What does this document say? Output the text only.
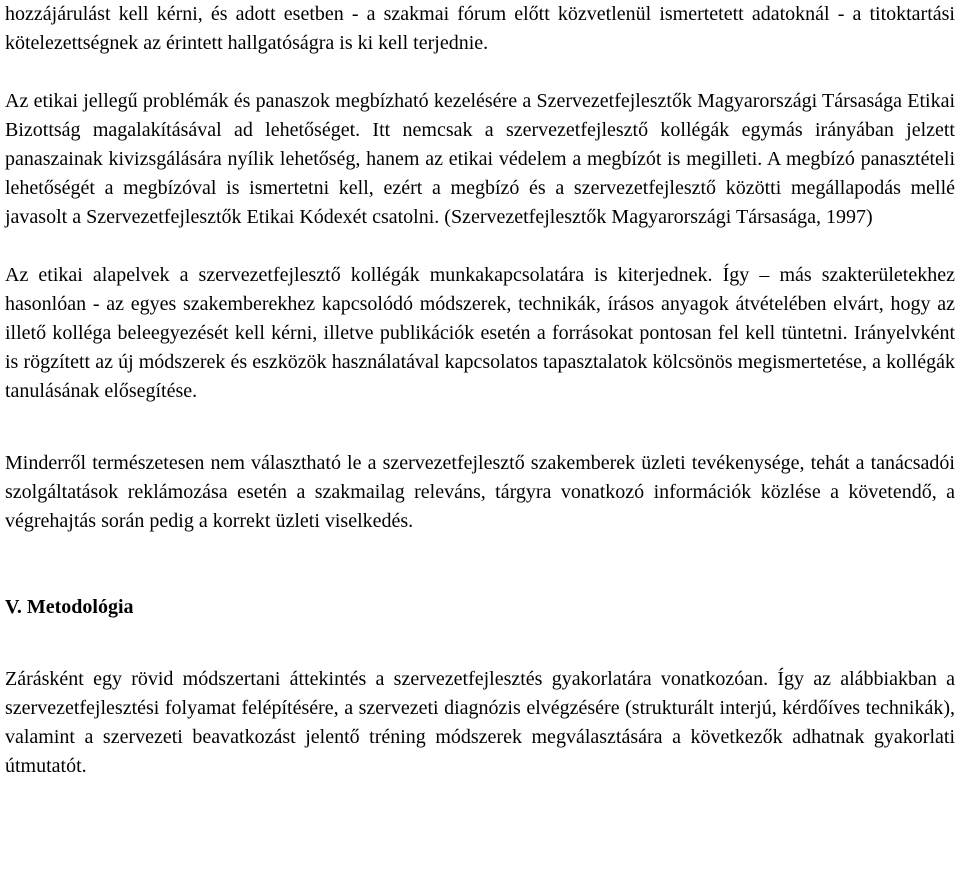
hozzájárulást kell kérni, és adott esetben - a szakmai fórum előtt közvetlenül ismertetett adatoknál - a titoktartási kötelezettségnek az érintett hallgatóságra is ki kell terjednie.

Az etikai jellegű problémák és panaszok megbízható kezelésére a Szervezetfejlesztők Magyarországi Társasága Etikai Bizottság magalakításával ad lehetőséget. Itt nemcsak a szervezetfejlesztő kollégák egymás irányában jelzett panaszainak kivizsgálására nyílik lehetőség, hanem az etikai védelem a megbízót is megilleti. A megbízó panasztételi lehetőségét a megbízóval is ismertetni kell, ezért a megbízó és a szervezetfejlesztő közötti megállapodás mellé javasolt a Szervezetfejlesztők Etikai Kódexét csatolni. (Szervezetfejlesztők Magyarországi Társasága, 1997)

Az etikai alapelvek a szervezetfejlesztő kollégák munkakapcsolatára is kiterjednek. Így – más szakterületekhez hasonlóan - az egyes szakemberekhez kapcsolódó módszerek, technikák, írásos anyagok átvételében elvárt, hogy az illető kolléga beleegyezését kell kérni, illetve publikációk esetén a forrásokat pontosan fel kell tüntetni. Irányelvként is rögzített az új módszerek és eszközök használatával kapcsolatos tapasztalatok kölcsönös megismertetése, a kollégák tanulásának elősegítése.

Minderről természetesen nem választható le a szervezetfejlesztő szakemberek üzleti tevékenysége, tehát a tanácsadói szolgáltatások reklámozása esetén a szakmailag releváns, tárgyra vonatkozó információk közlése a követendő, a végrehajtás során pedig a korrekt üzleti viselkedés.

V. Metodológia

Zárásként egy rövid módszertani áttekintés a szervezetfejlesztés gyakorlatára vonatkozóan. Így az alábbiakban a szervezetfejlesztési folyamat felépítésére, a szervezeti diagnózis elvégzésére (strukturált interjú, kérdőíves technikák), valamint a szervezeti beavatkozást jelentő tréning módszerek megválasztására a következők adhatnak gyakorlati útmutatót.
